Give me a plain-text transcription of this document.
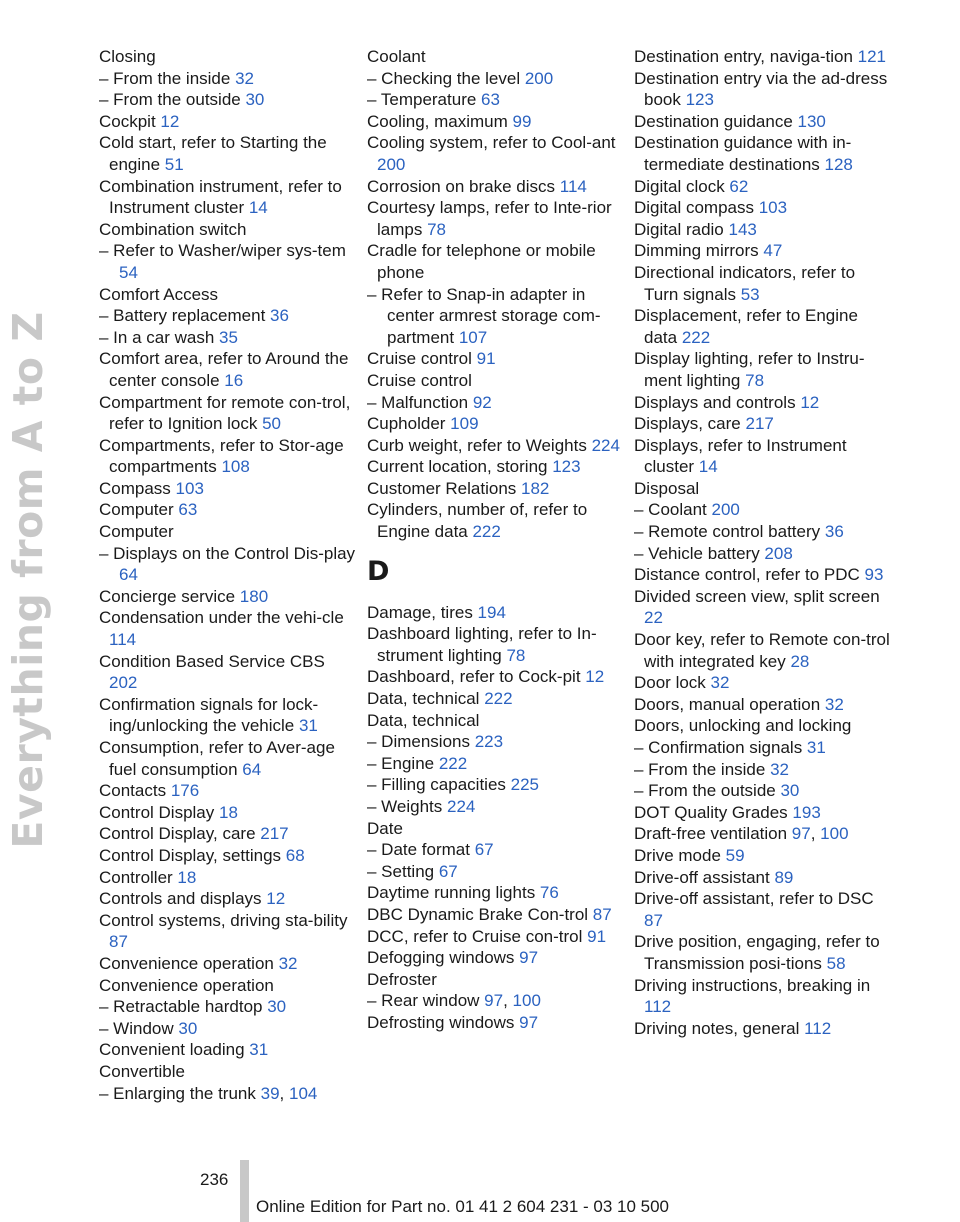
Everything from A to Z
Closing
– From the inside 32
– From the outside 30
Cockpit 12
Cold start, refer to Starting the engine 51
Combination instrument, refer to Instrument cluster 14
Combination switch
– Refer to Washer/wiper sys-tem 54
Comfort Access
– Battery replacement 36
– In a car wash 35
Comfort area, refer to Around the center console 16
Compartment for remote con-trol, refer to Ignition lock 50
Compartments, refer to Stor-age compartments 108
Compass 103
Computer 63
Computer
– Displays on the Control Dis-play 64
Concierge service 180
Condensation under the vehi-cle 114
Condition Based Service CBS 202
Confirmation signals for lock-ing/unlocking the vehicle 31
Consumption, refer to Aver-age fuel consumption 64
Contacts 176
Control Display 18
Control Display, care 217
Control Display, settings 68
Controller 18
Controls and displays 12
Control systems, driving sta-bility 87
Convenience operation 32
Convenience operation
– Retractable hardtop 30
– Window 30
Convenient loading 31
Convertible
– Enlarging the trunk 39, 104
Coolant
– Checking the level 200
– Temperature 63
Cooling, maximum 99
Cooling system, refer to Cool-ant 200
Corrosion on brake discs 114
Courtesy lamps, refer to Inte-rior lamps 78
Cradle for telephone or mobile phone
– Refer to Snap-in adapter in center armrest storage com-partment 107
Cruise control 91
Cruise control
– Malfunction 92
Cupholder 109
Curb weight, refer to Weights 224
Current location, storing 123
Customer Relations 182
Cylinders, number of, refer to Engine data 222
D
Damage, tires 194
Dashboard lighting, refer to In-strument lighting 78
Dashboard, refer to Cock-pit 12
Data, technical 222
Data, technical
– Dimensions 223
– Engine 222
– Filling capacities 225
– Weights 224
Date
– Date format 67
– Setting 67
Daytime running lights 76
DBC Dynamic Brake Con-trol 87
DCC, refer to Cruise con-trol 91
Defogging windows 97
Defroster
– Rear window 97, 100
Defrosting windows 97
Destination entry, naviga-tion 121
Destination entry via the ad-dress book 123
Destination guidance 130
Destination guidance with in-termediate destinations 128
Digital clock 62
Digital compass 103
Digital radio 143
Dimming mirrors 47
Directional indicators, refer to Turn signals 53
Displacement, refer to Engine data 222
Display lighting, refer to Instru-ment lighting 78
Displays and controls 12
Displays, care 217
Displays, refer to Instrument cluster 14
Disposal
– Coolant 200
– Remote control battery 36
– Vehicle battery 208
Distance control, refer to PDC 93
Divided screen view, split screen 22
Door key, refer to Remote con-trol with integrated key 28
Door lock 32
Doors, manual operation 32
Doors, unlocking and locking
– Confirmation signals 31
– From the inside 32
– From the outside 30
DOT Quality Grades 193
Draft-free ventilation 97, 100
Drive mode 59
Drive-off assistant 89
Drive-off assistant, refer to DSC 87
Drive position, engaging, refer to Transmission posi-tions 58
Driving instructions, breaking in 112
Driving notes, general 112
236
Online Edition for Part no. 01 41 2 604 231 - 03 10 500
